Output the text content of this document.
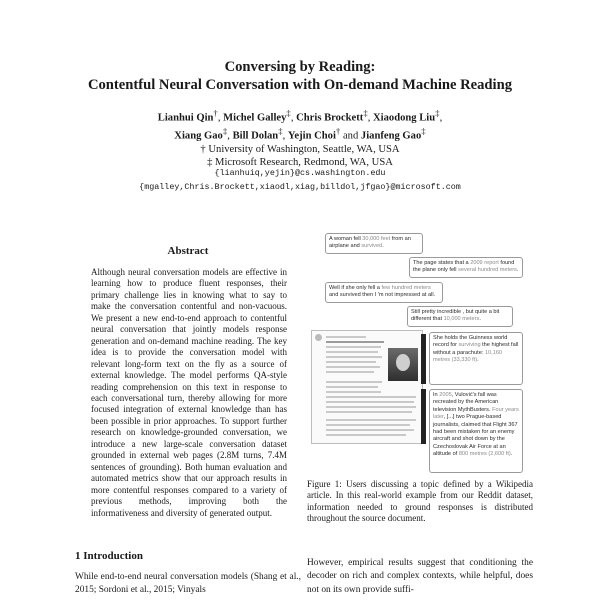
Conversing by Reading:
Contentful Neural Conversation with On-demand Machine Reading
Lianhui Qin†, Michel Galley‡, Chris Brockett‡, Xiaodong Liu‡,
Xiang Gao‡, Bill Dolan‡, Yejin Choi† and Jianfeng Gao‡
† University of Washington, Seattle, WA, USA
‡ Microsoft Research, Redmond, WA, USA
{lianhuiq,yejin}@cs.washington.edu
{mgalley,Chris.Brockett,xiaodl,xiag,billdol,jfgao}@microsoft.com
Abstract
Although neural conversation models are effective in learning how to produce fluent responses, their primary challenge lies in knowing what to say to make the conversation contentful and non-vacuous. We present a new end-to-end approach to contentful neural conversation that jointly models response generation and on-demand machine reading. The key idea is to provide the conversation model with relevant long-form text on the fly as a source of external knowledge. The model performs QA-style reading comprehension on this text in response to each conversational turn, thereby allowing for more focused integration of external knowledge than has been possible in prior approaches. To support further research on knowledge-grounded conversation, we introduce a new large-scale conversation dataset grounded in external web pages (2.8M turns, 7.4M sentences of grounding). Both human evaluation and automated metrics show that our approach results in more contentful responses compared to a variety of previous methods, improving both the informativeness and diversity of generated output.
A woman fell 30,000 feet from an airplane and survived.
The page states that a 2009 report found the plane only fell several hundred meters.
Well if she only fell a few hundred meters and survived then I 'm not impressed at all.
Still pretty incredible , but quite a bit different that 10,000 meters.
She holds the Guinness world record for surviving the highest fall without a parachute: 10,160 metres (33,330 ft).
In 2005, Vulović's fall was recreated by the American television MythBusters. Four years later, [...] two Prague-based journalists, claimed that Flight 367 had been mistaken for an enemy aircraft and shot down by the Czechoslovak Air Force at an altitude of 800 metres (2,600 ft).
Figure 1: Users discussing a topic defined by a Wikipedia article. In this real-world example from our Reddit dataset, information needed to ground responses is distributed throughout the source document.
1 Introduction
While end-to-end neural conversation models (Shang et al., 2015; Sordoni et al., 2015; Vinyals
However, empirical results suggest that conditioning the decoder on rich and complex contexts, while helpful, does not on its own provide suffi-
